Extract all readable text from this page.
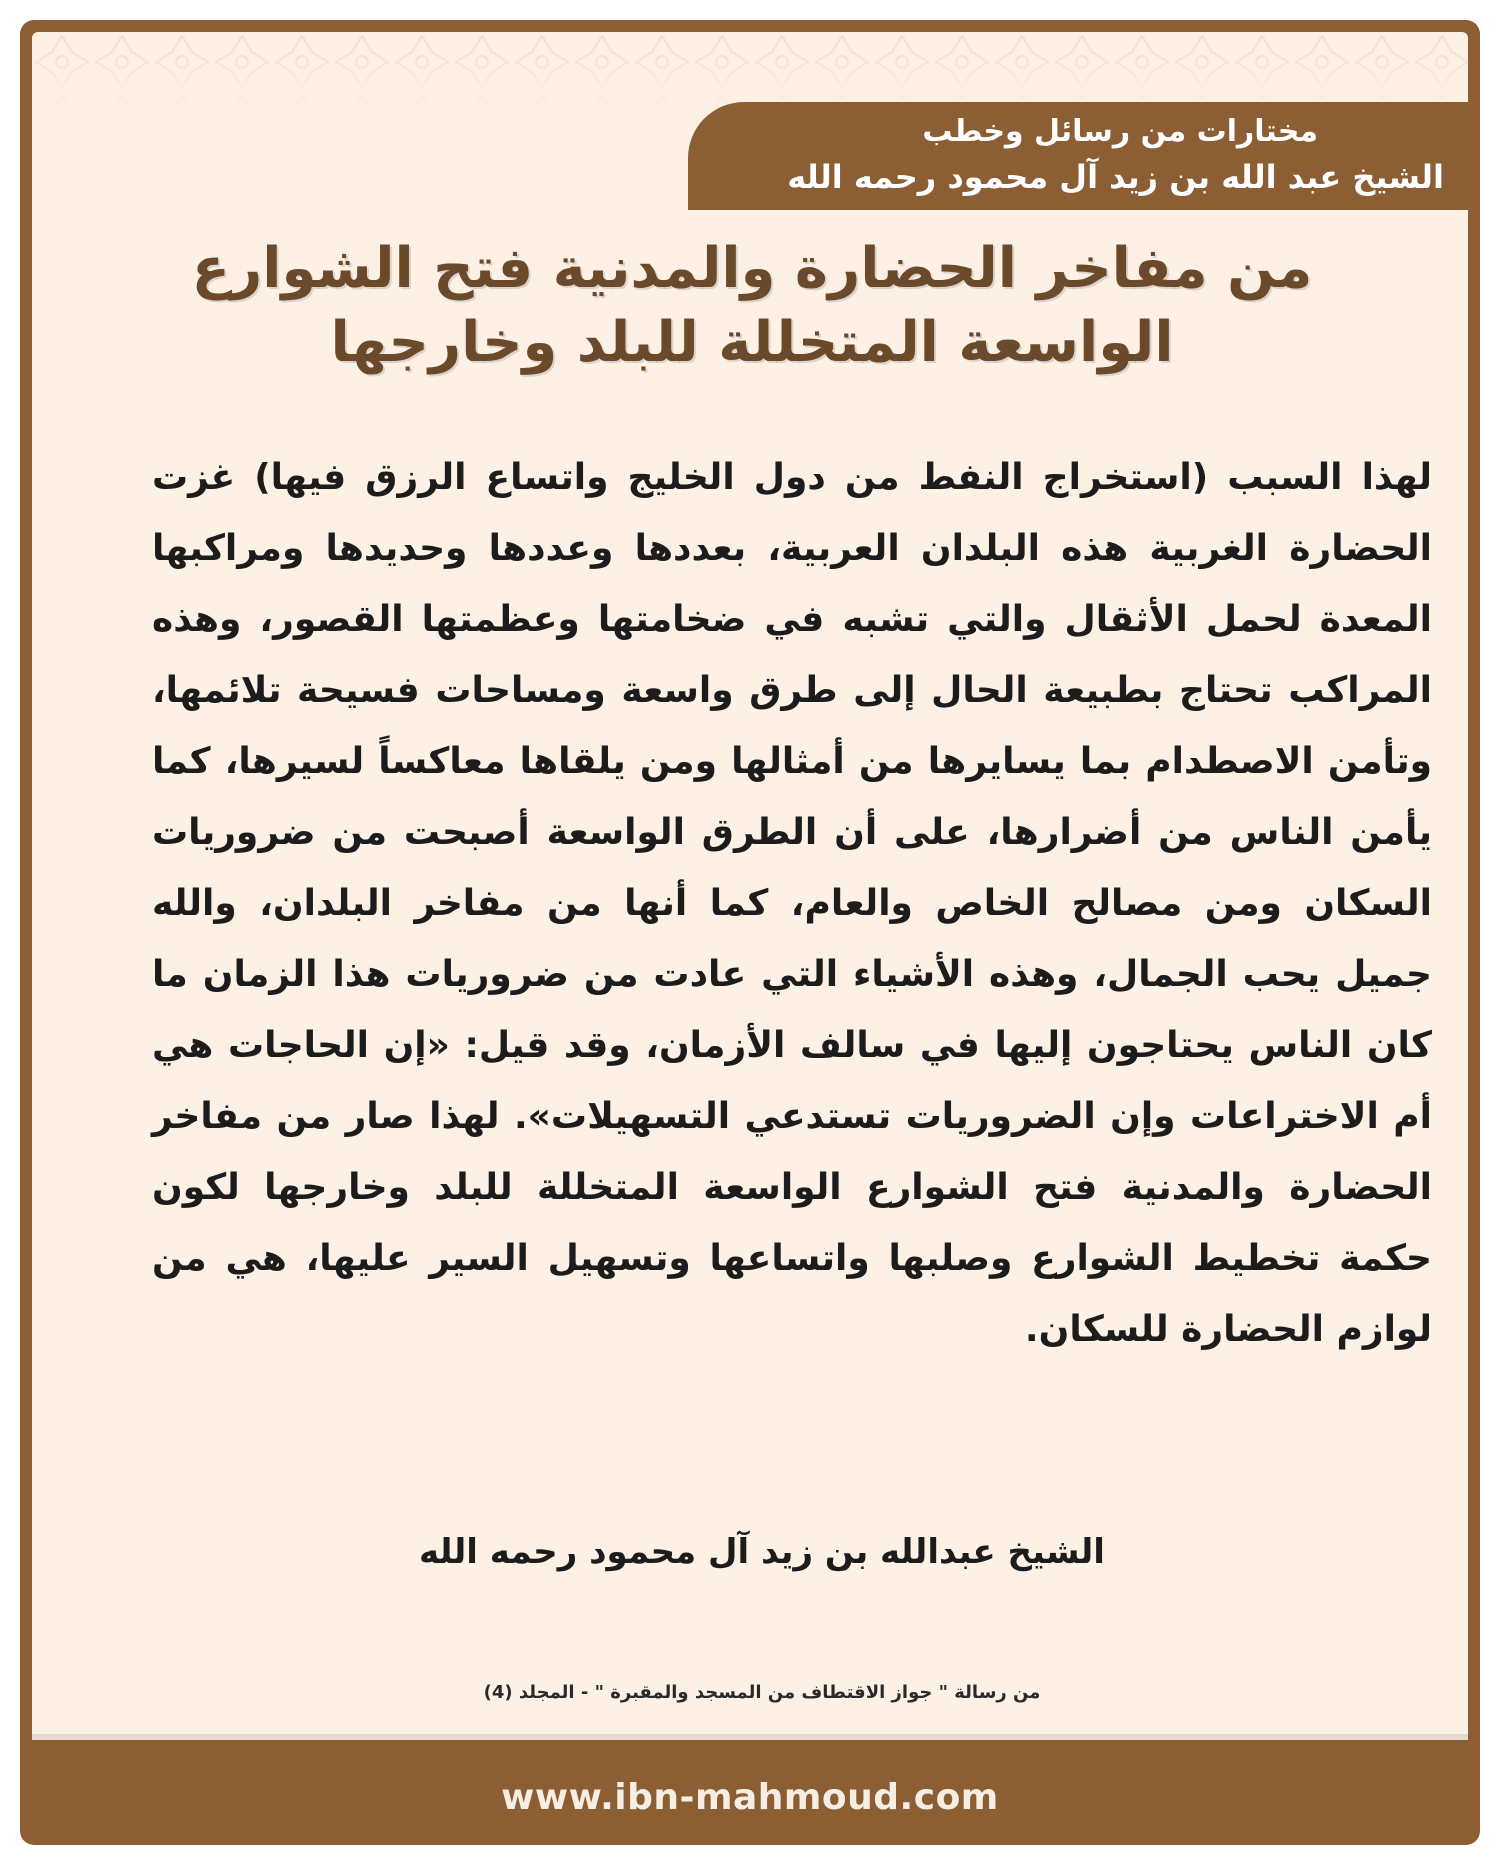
مختارات من رسائل وخطب
الشيخ عبد الله بن زيد آل محمود رحمه الله
من مفاخر الحضارة والمدنية فتح الشوارع
الواسعة المتخللة للبلد وخارجها
لهذا السبب (استخراج النفط من دول الخليج واتساع الرزق فيها) غزت الحضارة الغربية هذه البلدان العربية، بعددها وعددها وحديدها ومراكبها المعدة لحمل الأثقال والتي تشبه في ضخامتها وعظمتها القصور، وهذه المراكب تحتاج بطبيعة الحال إلى طرق واسعة ومساحات فسيحة تلائمها، وتأمن الاصطدام بما يسايرها من أمثالها ومن يلقاها معاكساً لسيرها، كما يأمن الناس من أضرارها، على أن الطرق الواسعة أصبحت من ضروريات السكان ومن مصالح الخاص والعام، كما أنها من مفاخر البلدان، والله جميل يحب الجمال، وهذه الأشياء التي عادت من ضروريات هذا الزمان ما كان الناس يحتاجون إليها في سالف الأزمان، وقد قيل: «إن الحاجات هي أم الاختراعات وإن الضروريات تستدعي التسهيلات». لهذا صار من مفاخر الحضارة والمدنية فتح الشوارع الواسعة المتخللة للبلد وخارجها لكون حكمة تخطيط الشوارع وصلبها واتساعها وتسهيل السير عليها، هي من لوازم الحضارة للسكان.
الشيخ عبدالله بن زيد آل محمود رحمه الله
من رسالة " جواز الاقتطاف من المسجد والمقبرة " - المجلد (4)
www.ibn-mahmoud.com
